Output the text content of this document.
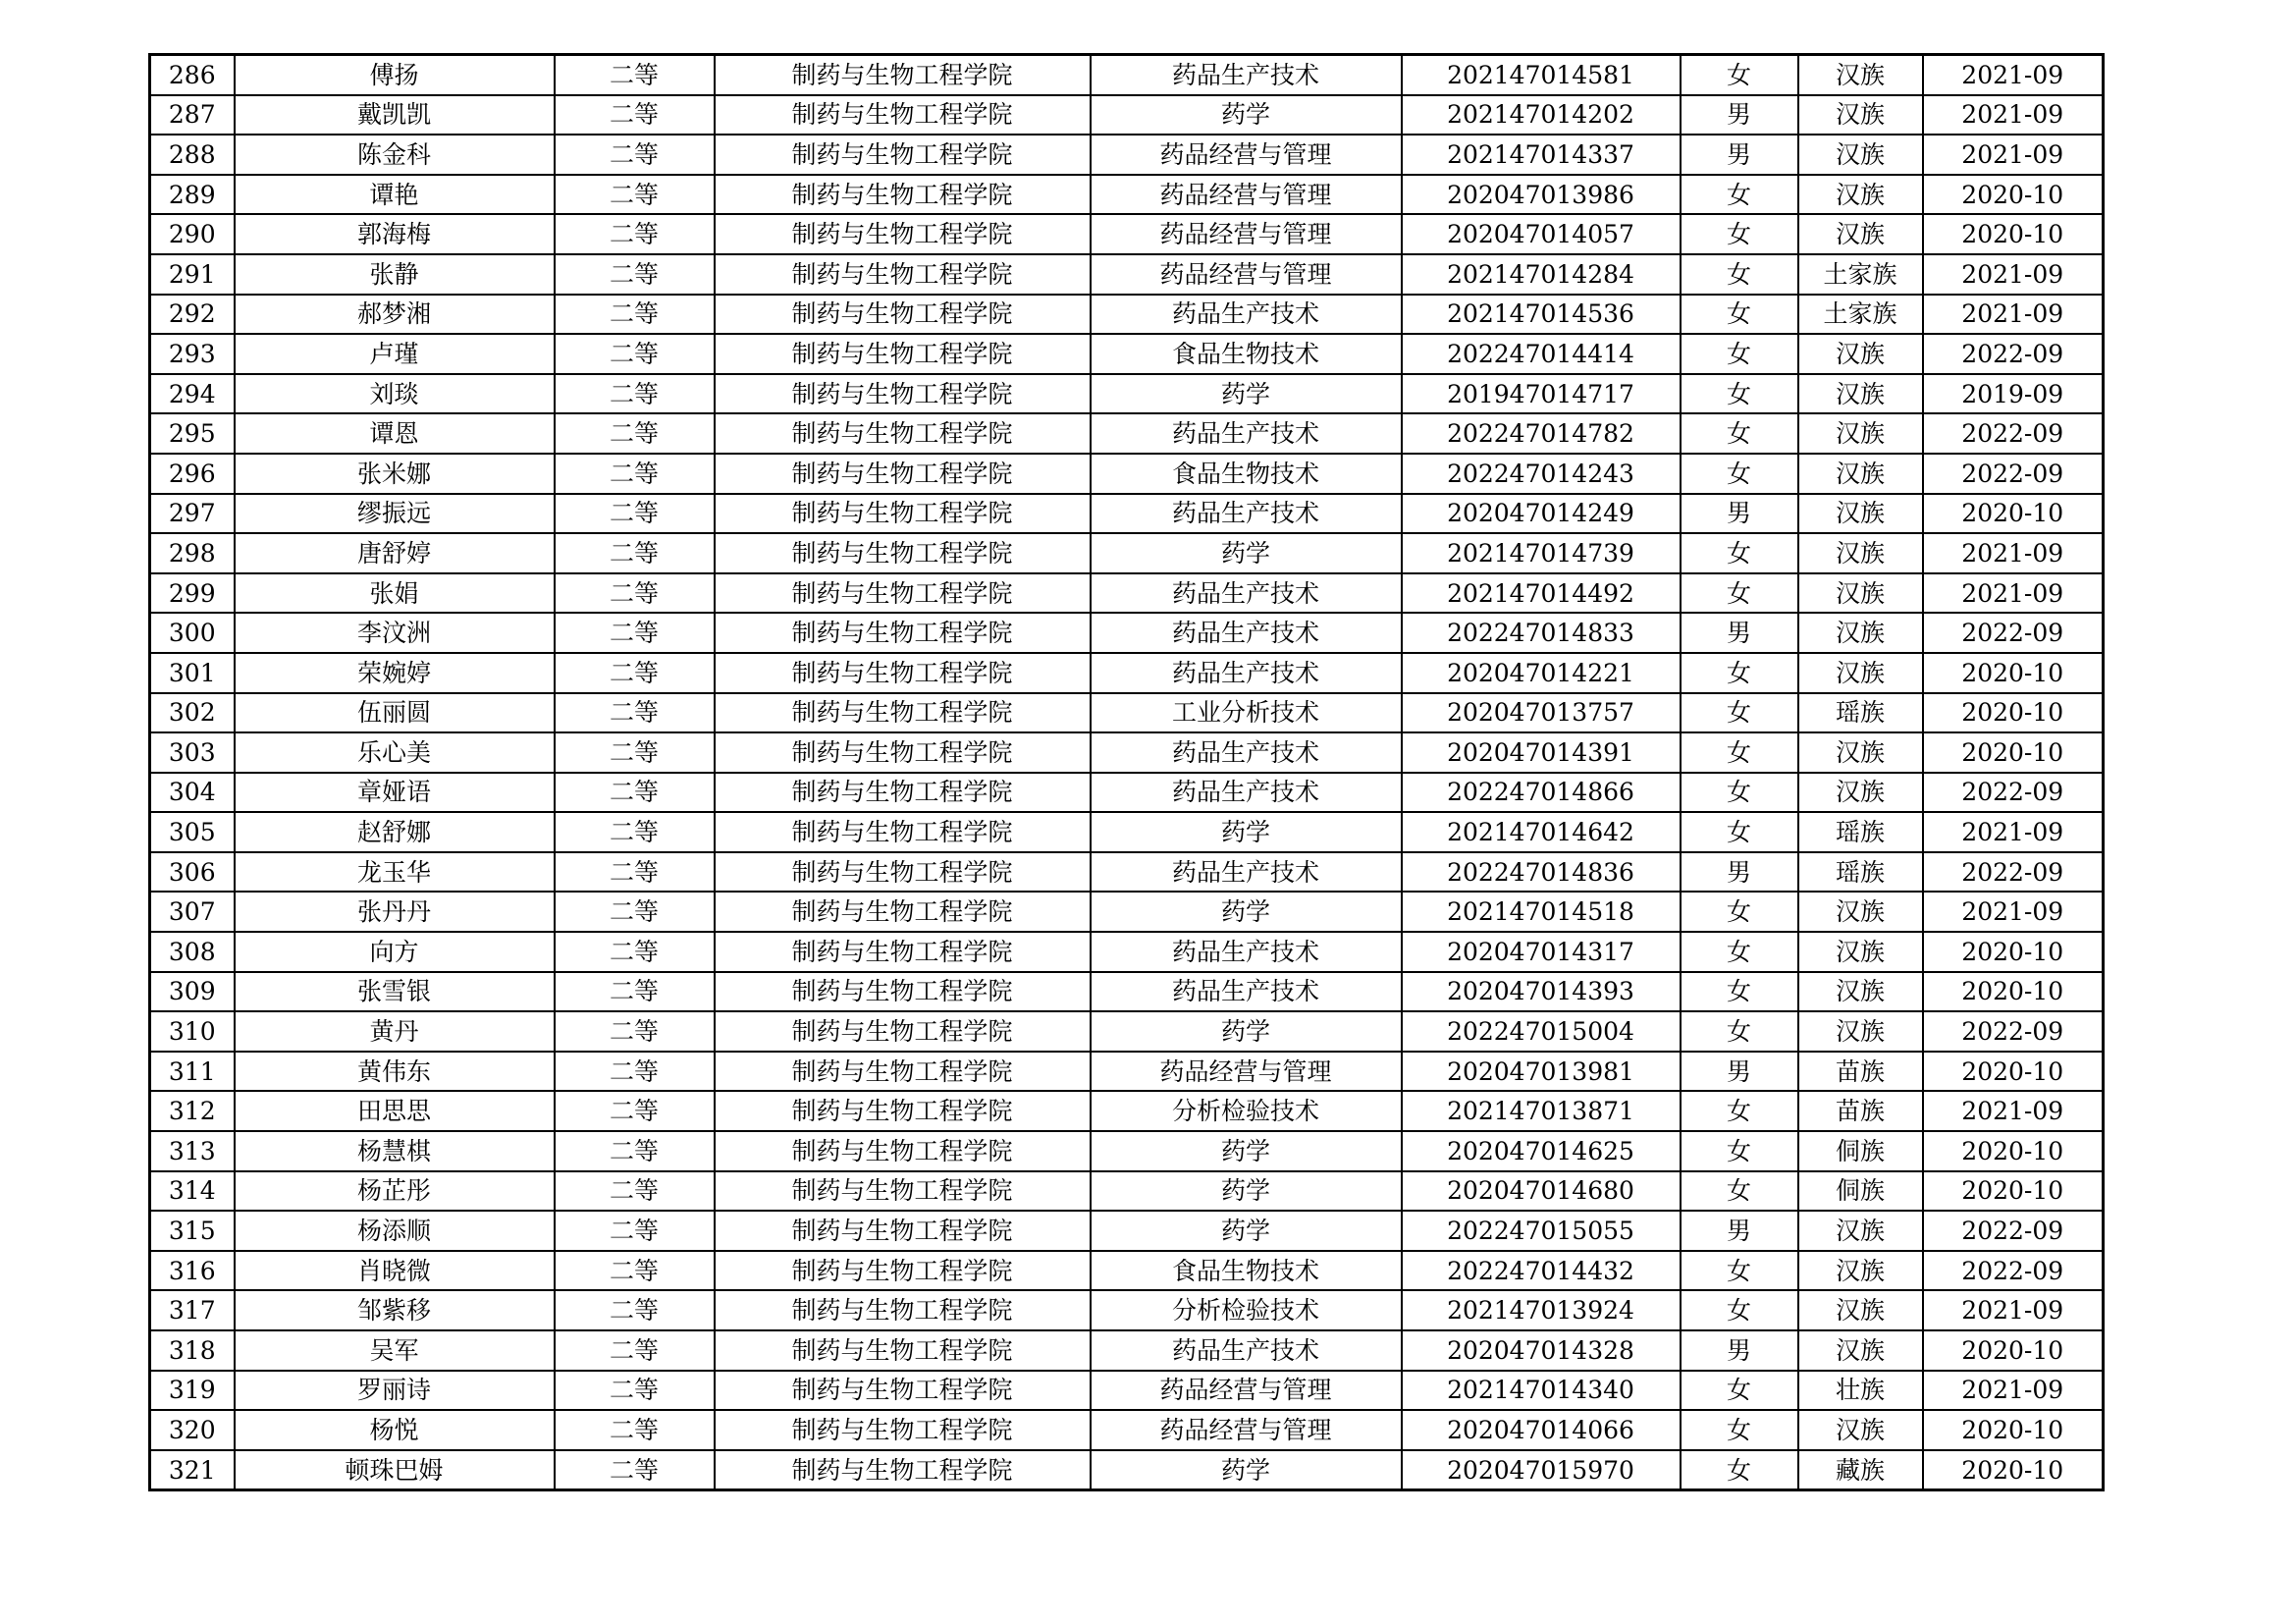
286	傅扬	二等	制药与生物工程学院	药品生产技术	202147014581	女	汉族	2021-09
287	戴凯凯	二等	制药与生物工程学院	药学	202147014202	男	汉族	2021-09
288	陈金科	二等	制药与生物工程学院	药品经营与管理	202147014337	男	汉族	2021-09
289	谭艳	二等	制药与生物工程学院	药品经营与管理	202047013986	女	汉族	2020-10
290	郭海梅	二等	制药与生物工程学院	药品经营与管理	202047014057	女	汉族	2020-10
291	张静	二等	制药与生物工程学院	药品经营与管理	202147014284	女	土家族	2021-09
292	郝梦湘	二等	制药与生物工程学院	药品生产技术	202147014536	女	土家族	2021-09
293	卢瑾	二等	制药与生物工程学院	食品生物技术	202247014414	女	汉族	2022-09
294	刘琰	二等	制药与生物工程学院	药学	201947014717	女	汉族	2019-09
295	谭恩	二等	制药与生物工程学院	药品生产技术	202247014782	女	汉族	2022-09
296	张米娜	二等	制药与生物工程学院	食品生物技术	202247014243	女	汉族	2022-09
297	缪振远	二等	制药与生物工程学院	药品生产技术	202047014249	男	汉族	2020-10
298	唐舒婷	二等	制药与生物工程学院	药学	202147014739	女	汉族	2021-09
299	张娟	二等	制药与生物工程学院	药品生产技术	202147014492	女	汉族	2021-09
300	李汶洲	二等	制药与生物工程学院	药品生产技术	202247014833	男	汉族	2022-09
301	荣婉婷	二等	制药与生物工程学院	药品生产技术	202047014221	女	汉族	2020-10
302	伍丽圆	二等	制药与生物工程学院	工业分析技术	202047013757	女	瑶族	2020-10
303	乐心美	二等	制药与生物工程学院	药品生产技术	202047014391	女	汉族	2020-10
304	章娅语	二等	制药与生物工程学院	药品生产技术	202247014866	女	汉族	2022-09
305	赵舒娜	二等	制药与生物工程学院	药学	202147014642	女	瑶族	2021-09
306	龙玉华	二等	制药与生物工程学院	药品生产技术	202247014836	男	瑶族	2022-09
307	张丹丹	二等	制药与生物工程学院	药学	202147014518	女	汉族	2021-09
308	向方	二等	制药与生物工程学院	药品生产技术	202047014317	女	汉族	2020-10
309	张雪银	二等	制药与生物工程学院	药品生产技术	202047014393	女	汉族	2020-10
310	黄丹	二等	制药与生物工程学院	药学	202247015004	女	汉族	2022-09
311	黄伟东	二等	制药与生物工程学院	药品经营与管理	202047013981	男	苗族	2020-10
312	田思思	二等	制药与生物工程学院	分析检验技术	202147013871	女	苗族	2021-09
313	杨慧棋	二等	制药与生物工程学院	药学	202047014625	女	侗族	2020-10
314	杨芷彤	二等	制药与生物工程学院	药学	202047014680	女	侗族	2020-10
315	杨添顺	二等	制药与生物工程学院	药学	202247015055	男	汉族	2022-09
316	肖晓微	二等	制药与生物工程学院	食品生物技术	202247014432	女	汉族	2022-09
317	邹紫移	二等	制药与生物工程学院	分析检验技术	202147013924	女	汉族	2021-09
318	吴军	二等	制药与生物工程学院	药品生产技术	202047014328	男	汉族	2020-10
319	罗丽诗	二等	制药与生物工程学院	药品经营与管理	202147014340	女	壮族	2021-09
320	杨悦	二等	制药与生物工程学院	药品经营与管理	202047014066	女	汉族	2020-10
321	顿珠巴姆	二等	制药与生物工程学院	药学	202047015970	女	藏族	2020-10
